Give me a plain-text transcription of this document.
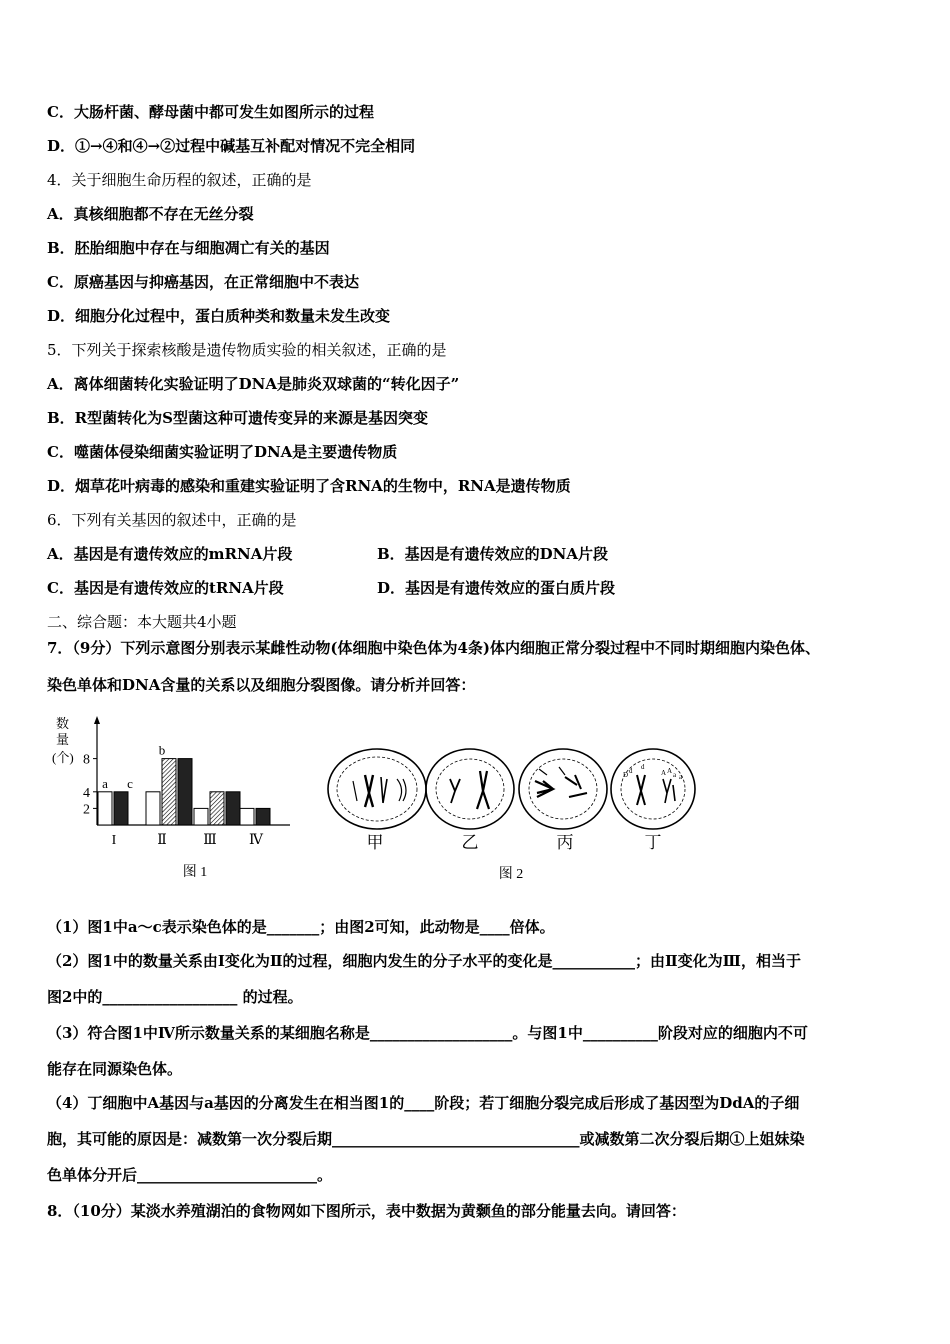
C．大肠杆菌、酵母菌中都可发生如图所示的过程
D．①→④和④→②过程中碱基互补配对情况不完全相同
4．关于细胞生命历程的叙述，正确的是
A．真核细胞都不存在无丝分裂
B．胚胎细胞中存在与细胞凋亡有关的基因
C．原癌基因与抑癌基因，在正常细胞中不表达
D．细胞分化过程中，蛋白质种类和数量未发生改变
5．下列关于探索核酸是遗传物质实验的相关叙述，正确的是
A．离体细菌转化实验证明了DNA是肺炎双球菌的“转化因子”
B．R型菌转化为S型菌这种可遗传变异的来源是基因突变
C．噬菌体侵染细菌实验证明了DNA是主要遗传物质
D．烟草花叶病毒的感染和重建实验证明了含RNA的生物中，RNA是遗传物质
6．下列有关基因的叙述中，正确的是
A．基因是有遗传效应的mRNA片段	B．基因是有遗传效应的DNA片段
C．基因是有遗传效应的tRNA片段	D．基因是有遗传效应的蛋白质片段
二、综合题：本大题共4小题
7．（9分）下列示意图分别表示某雌性动物(体细胞中染色体为4条)体内细胞正常分裂过程中不同时期细胞内染色体、
染色单体和DNA含量的关系以及细胞分裂图像。请分析并回答：
数
量
(个)
2
4
8
I	Ⅱ	Ⅲ Ⅳ
a c
b
图 1
D d d
A A a a
甲	乙	丙	丁
图 2
（1）图1中a～c表示染色体的是_______；由图2可知，此动物是____倍体。
（2）图1中的数量关系由I变化为Ⅱ的过程，细胞内发生的分子水平的变化是___________；由Ⅱ变化为Ⅲ，相当于
图2中的__________________ 的过程。
（3）符合图1中Ⅳ所示数量关系的某细胞名称是___________________。与图1中__________阶段对应的细胞内不可
能存在同源染色体。
（4）丁细胞中A基因与a基因的分离发生在相当图1的____阶段；若丁细胞分裂完成后形成了基因型为DdA的子细
胞，其可能的原因是：减数第一次分裂后期_________________________________或减数第二次分裂后期①上姐妹染
色单体分开后________________________。
8．（10分）某淡水养殖湖泊的食物网如下图所示，表中数据为黄颡鱼的部分能量去向。请回答：
